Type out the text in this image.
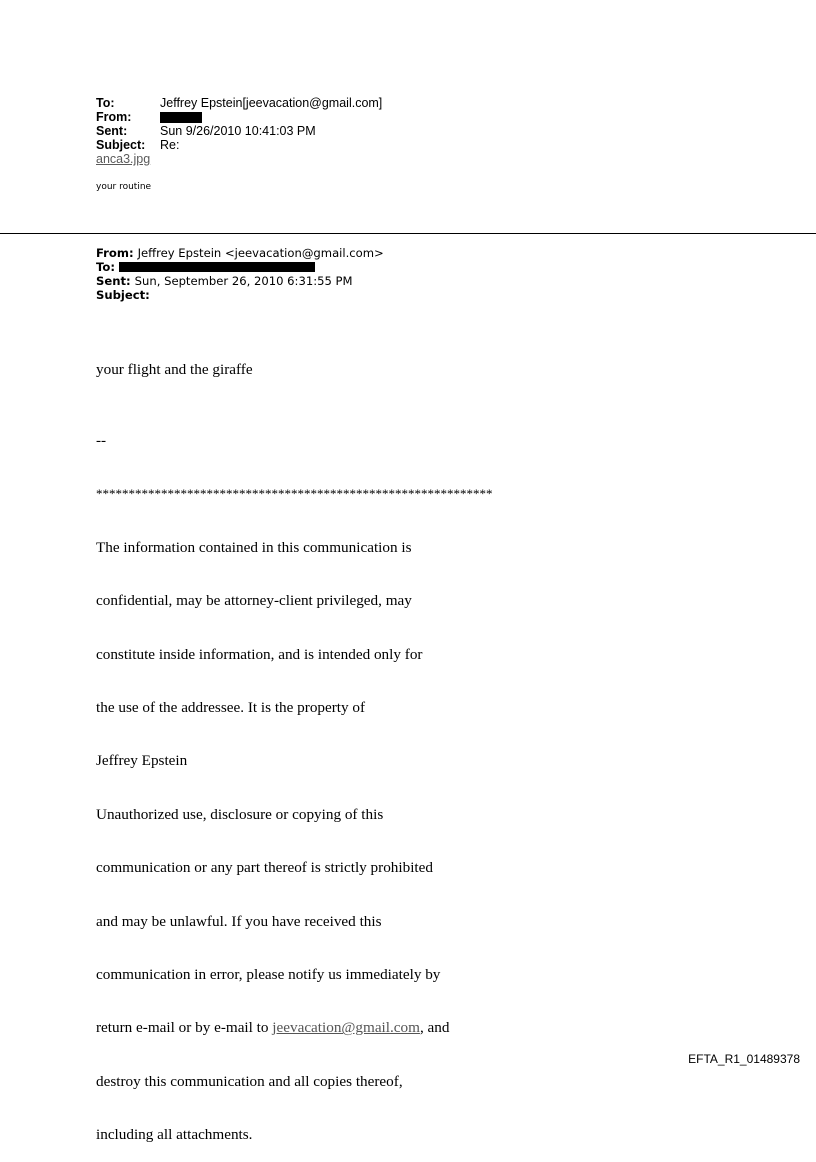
To:	Jeffrey Epstein[jeevacation@gmail.com]
From:
Sent:	Sun 9/26/2010 10:41:03 PM
Subject:	Re:
anca3.jpg
your routine
From: Jeffrey Epstein <jeevacation@gmail.com>
To:
Sent: Sun, September 26, 2010 6:31:55 PM
Subject:

your flight and the giraffe

--

*************************************************************

The information contained in this communication is

confidential, may be attorney-client privileged, may

constitute inside information, and is intended only for

the use of the addressee. It is the property of

Jeffrey Epstein

Unauthorized use, disclosure or copying of this

communication or any part thereof is strictly prohibited

and may be unlawful. If you have received this

communication in error, please notify us immediately by

return e-mail or by e-mail to jeevacation@gmail.com, and

destroy this communication and all copies thereof,

including all attachments.

EFTA_R1_01489378
